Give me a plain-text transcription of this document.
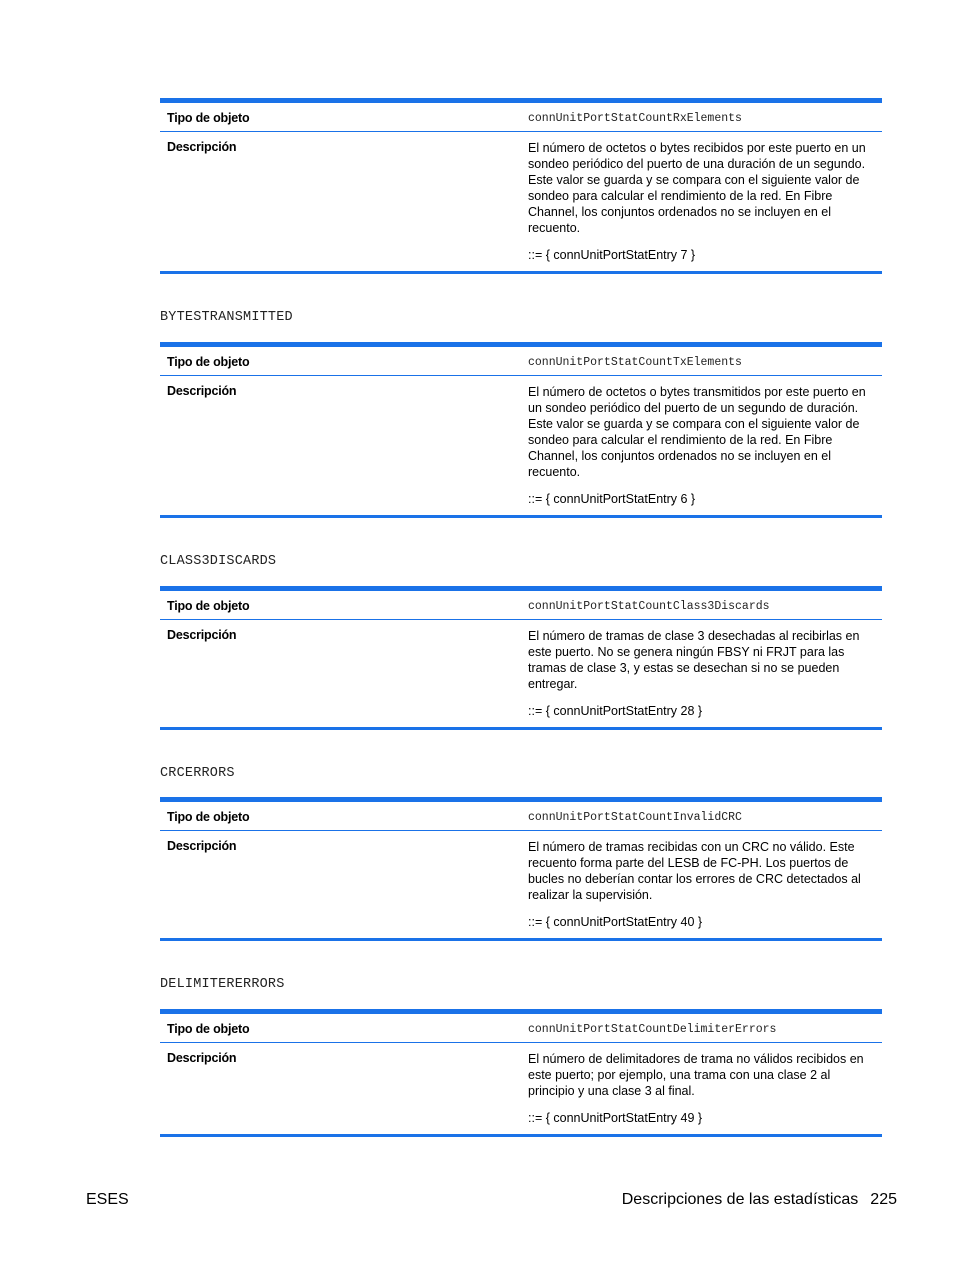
Tipo de objeto	connUnitPortStatCountRxElements
Descripción	El número de octetos o bytes recibidos por este puerto en un sondeo periódico del puerto de una duración de un segundo. Este valor se guarda y se compara con el siguiente valor de sondeo para calcular el rendimiento de la red. En Fibre Channel, los conjuntos ordenados no se incluyen en el recuento.

::= { connUnitPortStatEntry 7 }

BYTESTRANSMITTED
Tipo de objeto	connUnitPortStatCountTxElements
Descripción	El número de octetos o bytes transmitidos por este puerto en un sondeo periódico del puerto de un segundo de duración. Este valor se guarda y se compara con el siguiente valor de sondeo para calcular el rendimiento de la red. En Fibre Channel, los conjuntos ordenados no se incluyen en el recuento.

::= { connUnitPortStatEntry 6 }

CLASS3DISCARDS
Tipo de objeto	connUnitPortStatCountClass3Discards
Descripción	El número de tramas de clase 3 desechadas al recibirlas en este puerto. No se genera ningún FBSY ni FRJT para las tramas de clase 3, y estas se desechan si no se pueden entregar.

::= { connUnitPortStatEntry 28 }

CRCERRORS
Tipo de objeto	connUnitPortStatCountInvalidCRC
Descripción	El número de tramas recibidas con un CRC no válido. Este recuento forma parte del LESB de FC-PH. Los puertos de bucles no deberían contar los errores de CRC detectados al realizar la supervisión.

::= { connUnitPortStatEntry 40 }

DELIMITERERRORS
Tipo de objeto	connUnitPortStatCountDelimiterErrors
Descripción	El número de delimitadores de trama no válidos recibidos en este puerto; por ejemplo, una trama con una clase 2 al principio y una clase 3 al final.

::= { connUnitPortStatEntry 49 }

ESES	Descripciones de las estadísticas 225
